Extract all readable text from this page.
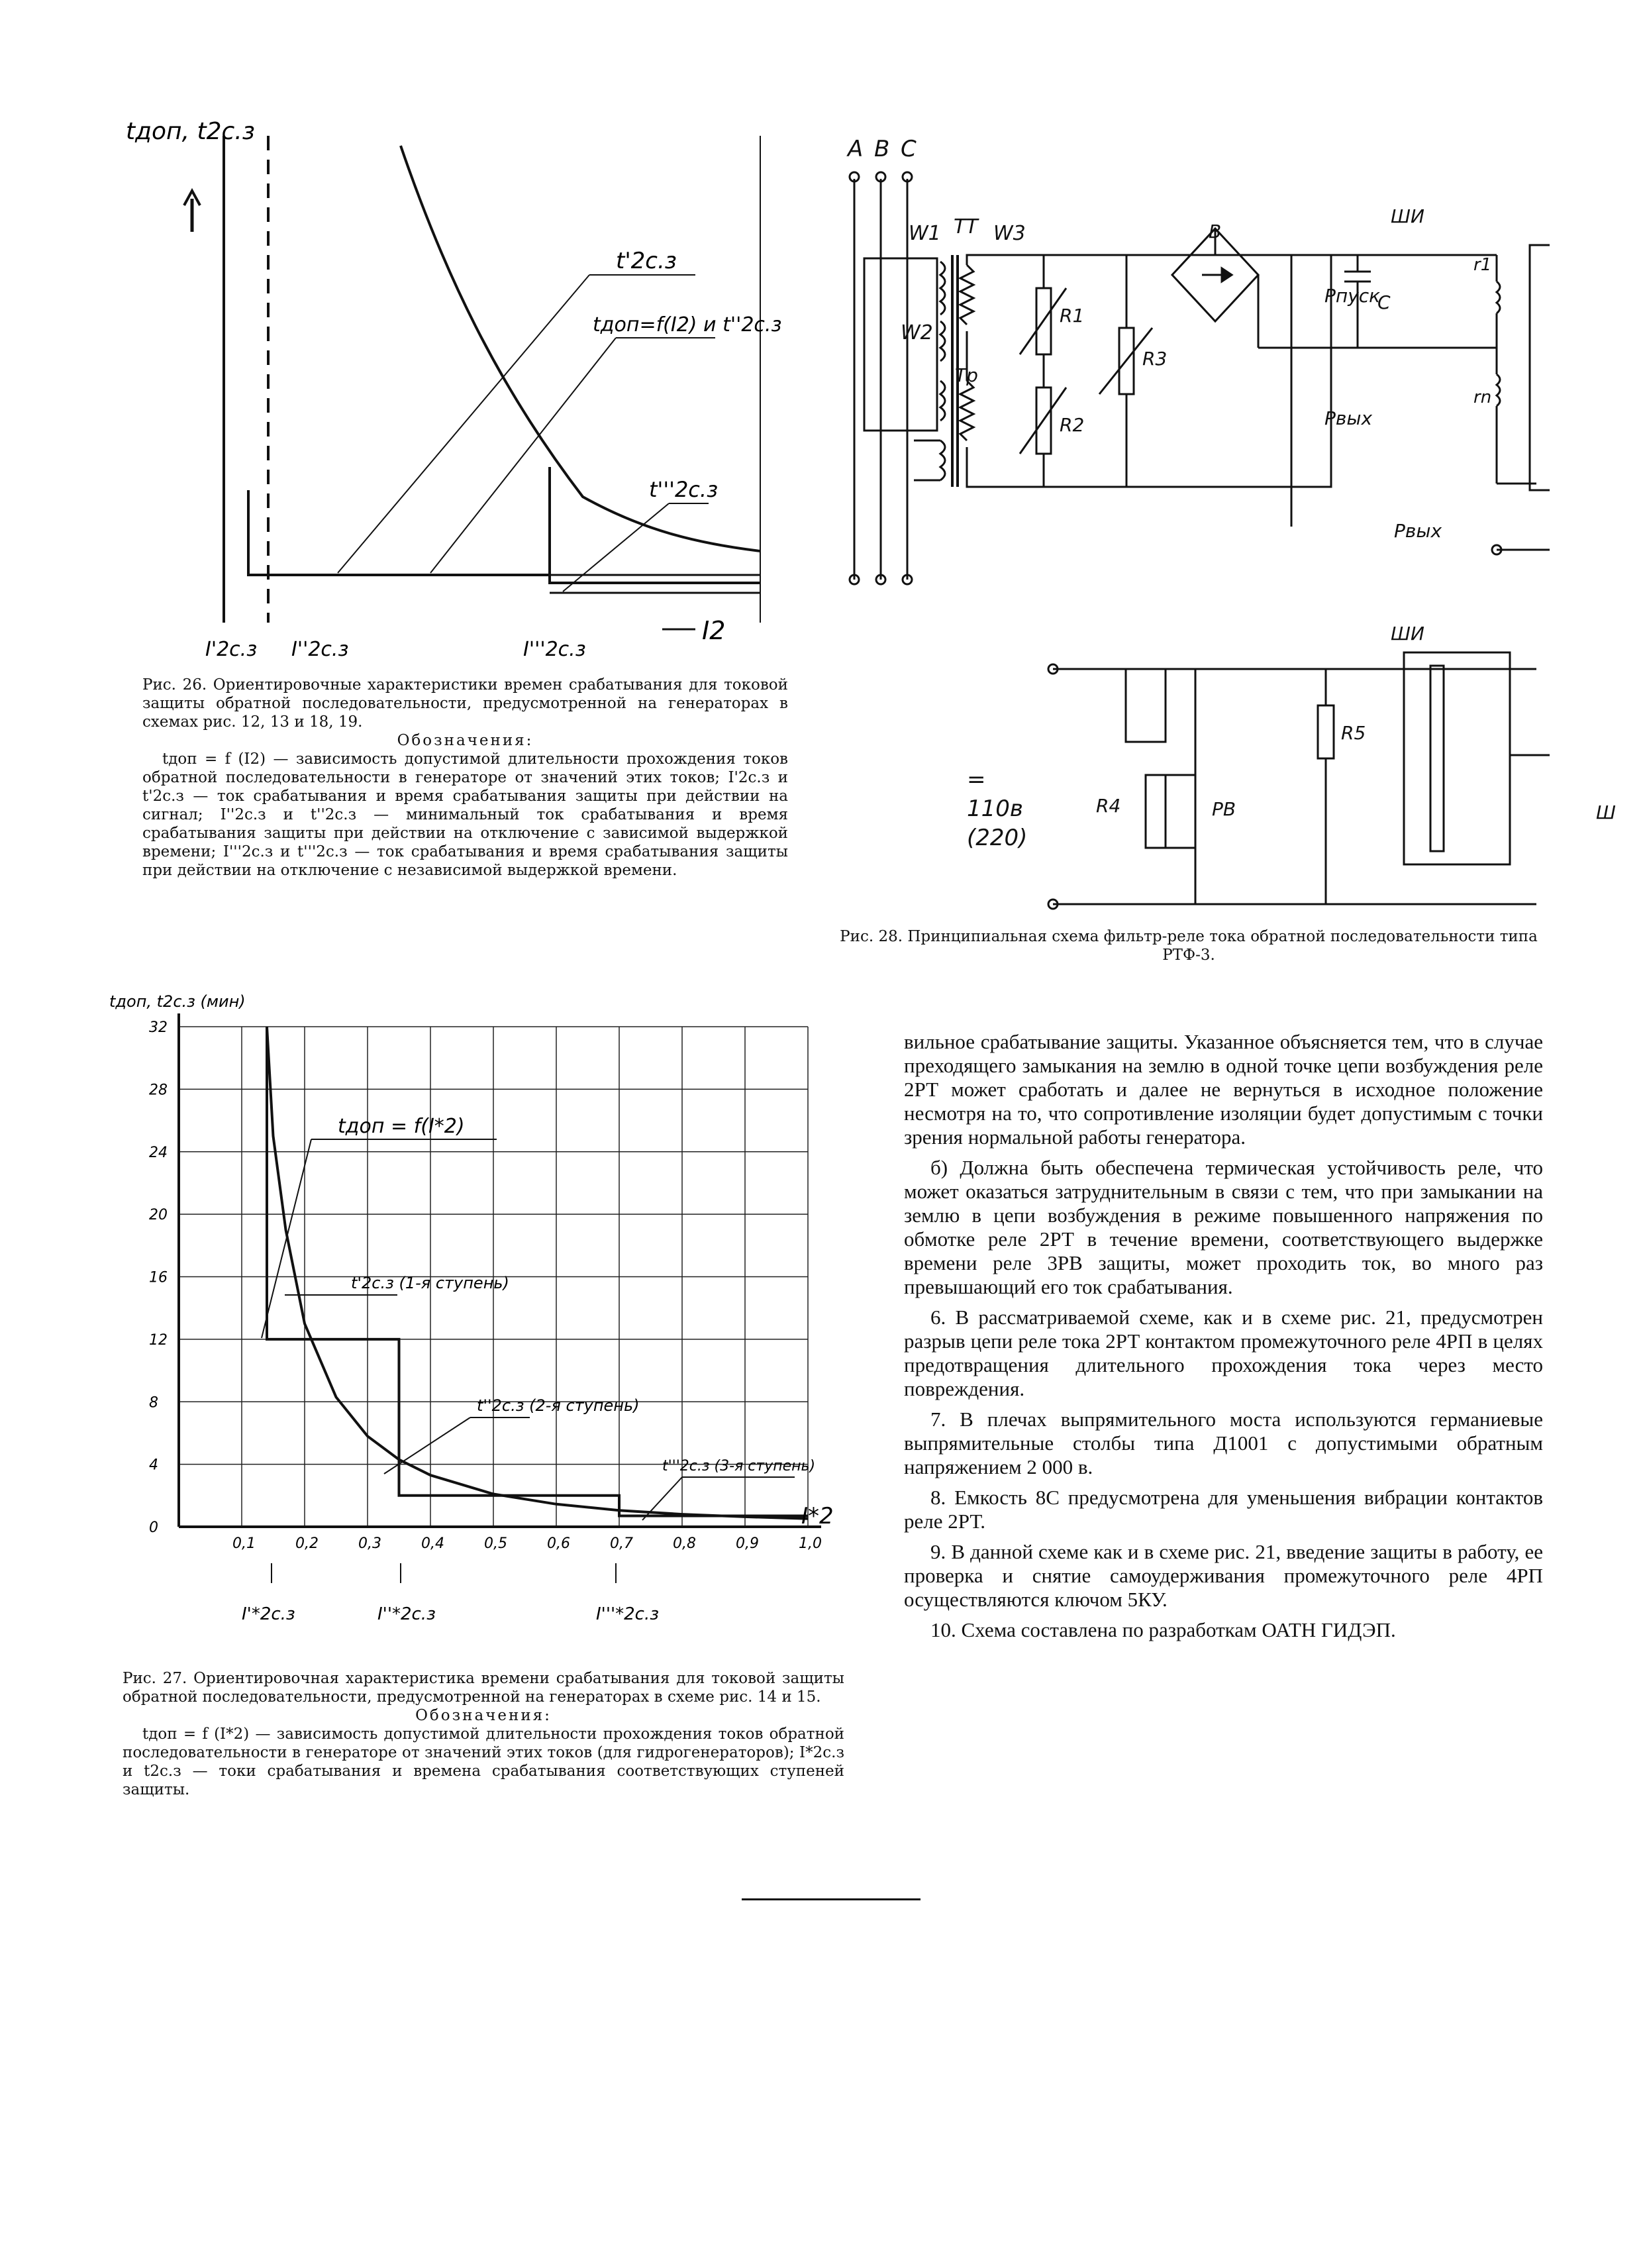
tдоп, t2с.з
t'2с.з
tдоп=f(I2) и t''2с.з
t'''2с.з
I'2с.з I''2с.з	I'''2с.з
I2
Рис. 26. Ориентировочные характеристики времен срабатывания для токовой защиты обратной последовательности, предусмотренной на генераторах в схемах рис. 12, 13 и 18, 19.
Обозначения:
tдоп = f (I2) — зависимость допустимой длительности прохождения токов обратной последовательности в генераторе от значений этих токов; I'2с.з и t'2с.з — ток срабатывания и время срабатывания защиты при действии на сигнал; I''2с.з и t''2с.з — минимальный ток срабатывания и время срабатывания защиты при действии на отключение с зависимой выдержкой времени; I'''2с.з и t'''2с.з — ток срабатывания и время срабатывания защиты при действии на отключение с независимой выдержкой времени.
A B C
TT
W1
W2
W3
Тр
R1
R2
R3
В
С
Рпуск
Рвых
ШИ
r1
rn
Рвых
ШИ
= 110в (220)
R4
R5
РВ	Ш
Рис. 28. Принципиальная схема фильтр-реле тока обратной последовательности типа РТФ-3.
0,1	0,2	0,3	0,4	0,5	0,6	0,7	0,8	0,9	1,0
0
4
8
12
16
20
24
28
32
tдоп, t2с.з (мин)
I*2
tдоп = f(I*2)
t'2с.з (1-я ступень)
t''2с.з (2-я ступень)
t'''2с.з (3-я ступень)
I'*2с.з	I''*2с.з	I'''*2с.з
Рис. 27. Ориентировочная характеристика времени срабатывания для токовой защиты обратной последовательности, предусмотренной на генераторах в схеме рис. 14 и 15.
Обозначения:
tдоп = f (I*2) — зависимость допустимой длительности прохождения токов обратной последовательности в генераторе от значений этих токов (для гидрогенераторов); I*2с.з и t2с.з — токи срабатывания и времена срабатывания соответствующих ступеней защиты.

вильное срабатывание защиты. Указанное объясняется тем, что в случае преходящего замыкания на землю в одной точке цепи возбуждения реле 2РТ может сработать и далее не вернуться в исходное положение несмотря на то, что сопротивление изоляции будет допустимым с точки зрения нормальной работы генератора.

б) Должна быть обеспечена термическая устойчивость реле, что может оказаться затруднительным в связи с тем, что при замыкании на землю в цепи возбуждения в режиме повышенного напряжения по обмотке реле 2РТ в течение времени, соответствующего выдержке времени реле 3РВ защиты, может проходить ток, во много раз превышающий его ток срабатывания.

6. В рассматриваемой схеме, как и в схеме рис. 21, предусмотрен разрыв цепи реле тока 2РТ контактом промежуточного реле 4РП в целях предотвращения длительного прохождения тока через место повреждения.

7. В плечах выпрямительного моста используются германиевые выпрямительные столбы типа Д1001 с допустимыми обратным напряжением 2 000 в.

8. Емкость 8С предусмотрена для уменьшения вибрации контактов реле 2РТ.

9. В данной схеме как и в схеме рис. 21, введение защиты в работу, ее проверка и снятие самоудерживания промежуточного реле 4РП осуществляются ключом 5КУ.

10. Схема составлена по разработкам ОАТН ГИДЭП.
